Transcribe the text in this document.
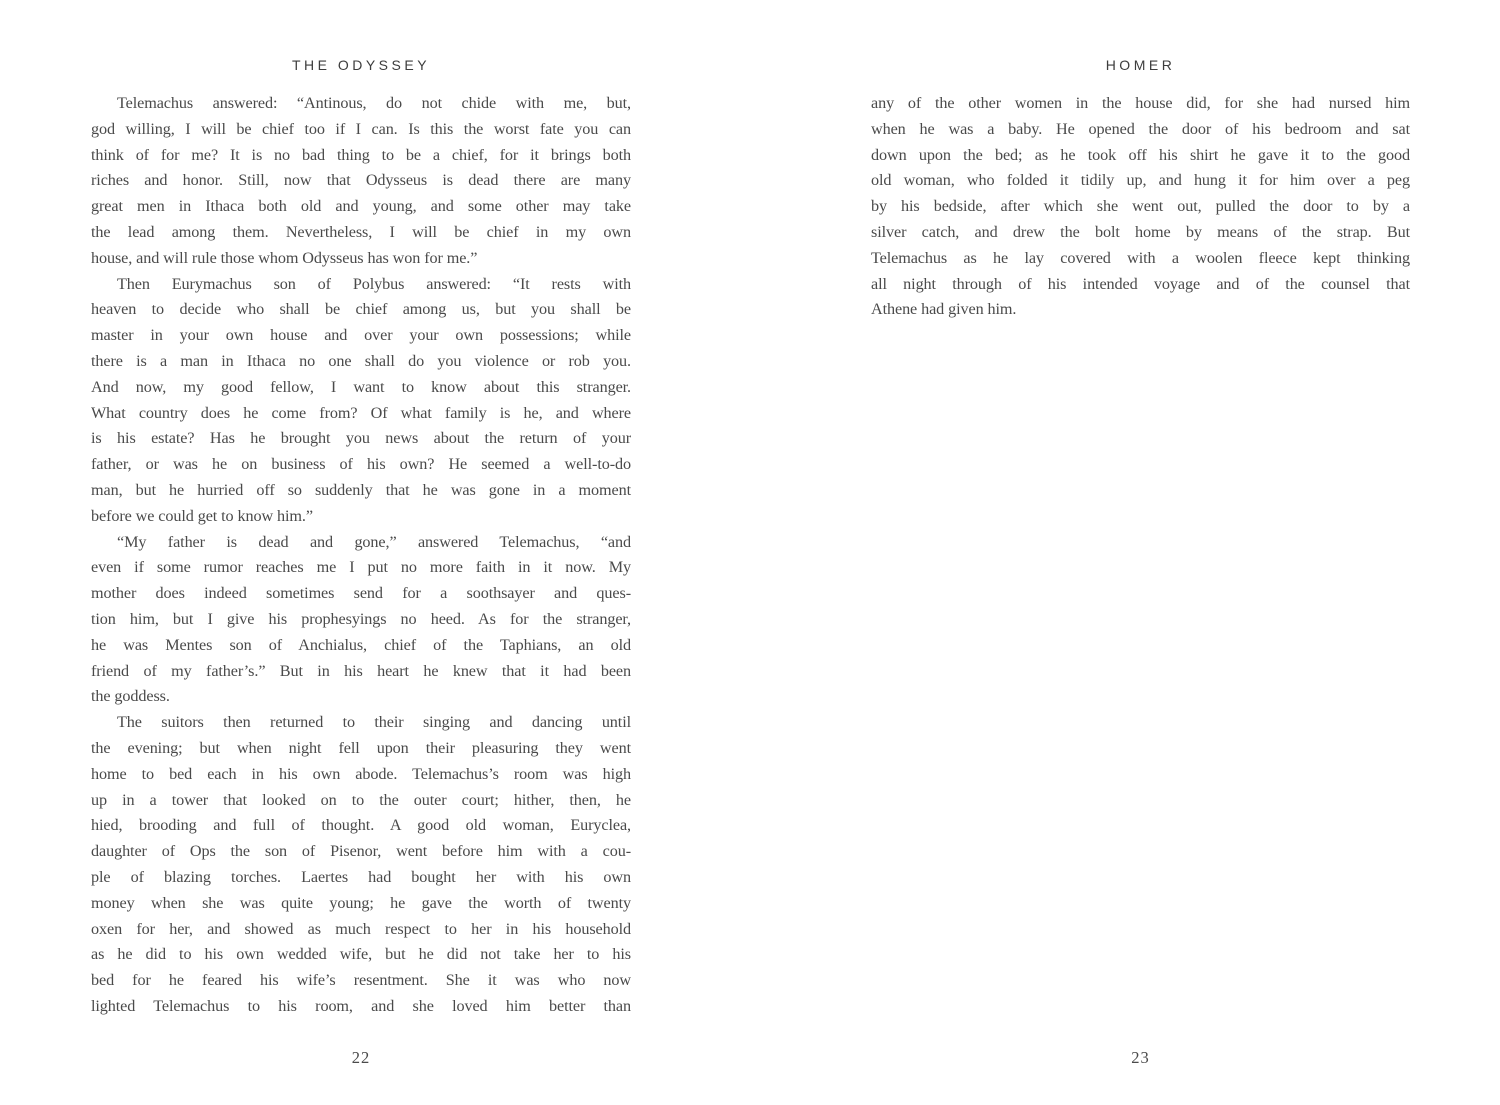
THE ODYSSEY
Telemachus answered: “Antinous, do not chide with me, but,
god willing, I will be chief too if I can. Is this the worst fate you can
think of for me? It is no bad thing to be a chief, for it brings both
riches and honor. Still, now that Odysseus is dead there are many
great men in Ithaca both old and young, and some other may take
the lead among them. Nevertheless, I will be chief in my own
house, and will rule those whom Odysseus has won for me.”
Then Eurymachus son of Polybus answered: “It rests with
heaven to decide who shall be chief among us, but you shall be
master in your own house and over your own possessions; while
there is a man in Ithaca no one shall do you violence or rob you.
And now, my good fellow, I want to know about this stranger.
What country does he come from? Of what family is he, and where
is his estate? Has he brought you news about the return of your
father, or was he on business of his own? He seemed a well-to-do
man, but he hurried off so suddenly that he was gone in a moment
before we could get to know him.”
“My father is dead and gone,” answered Telemachus, “and
even if some rumor reaches me I put no more faith in it now. My
mother does indeed sometimes send for a soothsayer and ques-
tion him, but I give his prophesyings no heed. As for the stranger,
he was Mentes son of Anchialus, chief of the Taphians, an old
friend of my father’s.” But in his heart he knew that it had been
the goddess.
The suitors then returned to their singing and dancing until
the evening; but when night fell upon their pleasuring they went
home to bed each in his own abode. Telemachus’s room was high
up in a tower that looked on to the outer court; hither, then, he
hied, brooding and full of thought. A good old woman, Euryclea,
daughter of Ops the son of Pisenor, went before him with a cou-
ple of blazing torches. Laertes had bought her with his own
money when she was quite young; he gave the worth of twenty
oxen for her, and showed as much respect to her in his household
as he did to his own wedded wife, but he did not take her to his
bed for he feared his wife’s resentment. She it was who now
lighted Telemachus to his room, and she loved him better than
22
HOMER
any of the other women in the house did, for she had nursed him
when he was a baby. He opened the door of his bedroom and sat
down upon the bed; as he took off his shirt he gave it to the good
old woman, who folded it tidily up, and hung it for him over a peg
by his bedside, after which she went out, pulled the door to by a
silver catch, and drew the bolt home by means of the strap. But
Telemachus as he lay covered with a woolen fleece kept thinking
all night through of his intended voyage and of the counsel that
Athene had given him.
23
